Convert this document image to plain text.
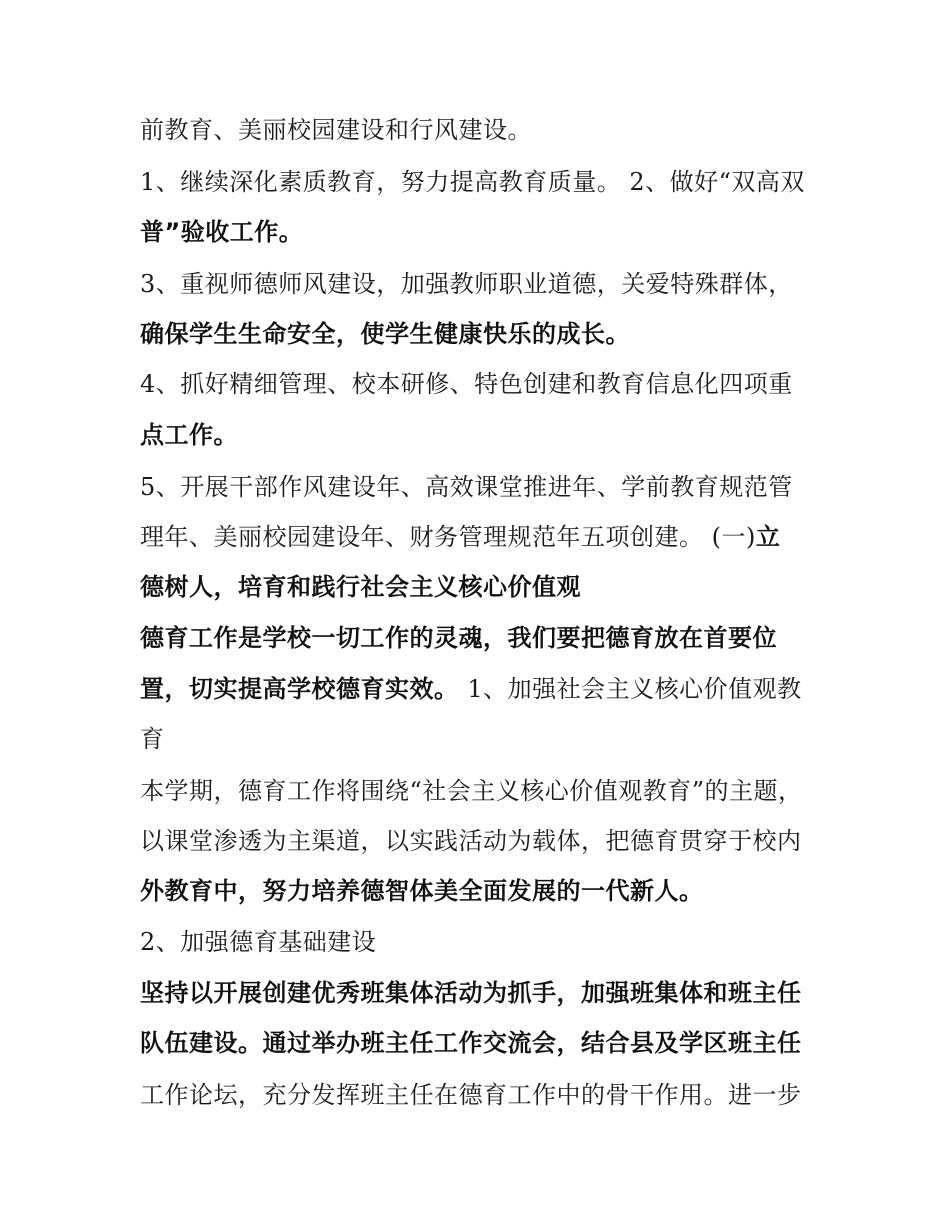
前教育、美丽校园建设和行风建设。
1、继续深化素质教育，努力提高教育质量。 2、做好“双高双
普”验收工作。
3、重视师德师风建设，加强教师职业道德，关爱特殊群体，
确保学生生命安全，使学生健康快乐的成长。
4、抓好精细管理、校本研修、特色创建和教育信息化四项重
点工作。
5、开展干部作风建设年、高效课堂推进年、学前教育规范管
理年、美丽校园建设年、财务管理规范年五项创建。 (一)立
德树人，培育和践行社会主义核心价值观
德育工作是学校一切工作的灵魂，我们要把德育放在首要位
置，切实提高学校德育实效。 1、加强社会主义核心价值观教
育
本学期，德育工作将围绕“社会主义核心价值观教育”的主题，
以课堂渗透为主渠道，以实践活动为载体，把德育贯穿于校内
外教育中，努力培养德智体美全面发展的一代新人。
2、加强德育基础建设
坚持以开展创建优秀班集体活动为抓手，加强班集体和班主任
队伍建设。通过举办班主任工作交流会，结合县及学区班主任
工作论坛，充分发挥班主任在德育工作中的骨干作用。进一步
